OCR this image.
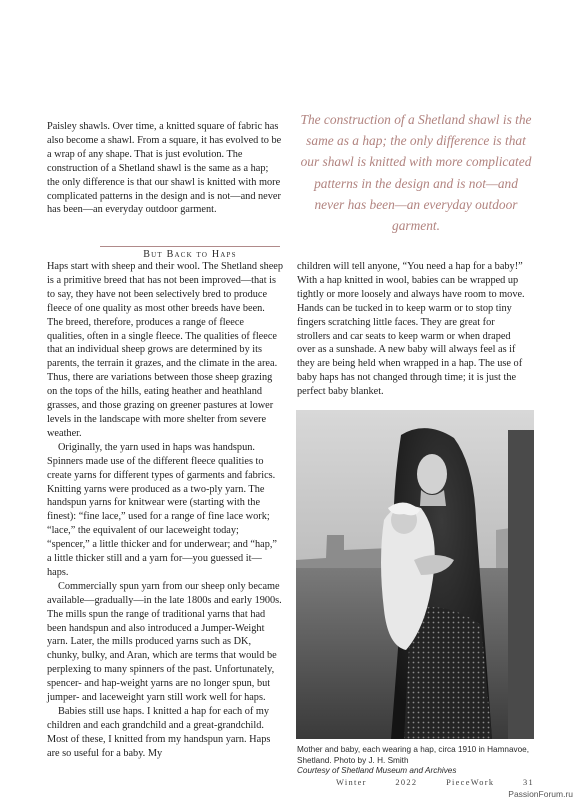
Paisley shawls. Over time, a knitted square of fabric has also become a shawl. From a square, it has evolved to be a wrap of any shape. That is just evolution. The construction of a Shetland shawl is the same as a hap; the only difference is that our shawl is knitted with more complicated patterns in the design and is not—and never has been—an everyday outdoor garment.

The construction of a Shetland shawl is the same as a hap; the only difference is that our shawl is knitted with more complicated patterns in the design and is not—and never has been—an everyday outdoor garment.
But Back to Haps

Haps start with sheep and their wool. The Shetland sheep is a primitive breed that has not been improved—that is to say, they have not been selectively bred to produce fleece of one quality as most other breeds have been. The breed, therefore, produces a range of fleece qualities, often in a single fleece. The qualities of fleece that an individual sheep grows are determined by its parents, the terrain it grazes, and the climate in the area. Thus, there are variations between those sheep grazing on the tops of the hills, eating heather and heathland grasses, and those grazing on greener pastures at lower levels in the landscape with more shelter from severe weather.

Originally, the yarn used in haps was handspun. Spinners made use of the different fleece qualities to create yarns for different types of garments and fabrics. Knitting yarns were produced as a two-ply yarn. The handspun yarns for knitwear were (starting with the finest): “fine lace,” used for a range of fine lace work; “lace,” the equivalent of our laceweight today; “spencer,” a little thicker and for underwear; and “hap,” a little thicker still and a yarn for—you guessed it—haps.

Commercially spun yarn from our sheep only became available—gradually—in the late 1800s and early 1900s. The mills spun the range of traditional yarns that had been handspun and also introduced a Jumper-Weight yarn. Later, the mills produced yarns such as DK, chunky, bulky, and Aran, which are terms that would be perplexing to many spinners of the past. Unfortunately, spencer- and hap-weight yarns are no longer spun, but jumper- and laceweight yarn still work well for haps.

Babies still use haps. I knitted a hap for each of my children and each grandchild and a great-grandchild. Most of these, I knitted from my handspun yarn. Haps are so useful for a baby. My

children will tell anyone, “You need a hap for a baby!” With a hap knitted in wool, babies can be wrapped up tightly or more loosely and always have room to move. Hands can be tucked in to keep warm or to stop tiny fingers scratching little faces. They are great for strollers and car seats to keep warm or when draped over as a sunshade. A new baby will always feel as if they are being held when wrapped in a hap. The use of baby haps has not changed through time; it is just the perfect baby blanket.

Mother and baby, each wearing a hap, circa 1910 in Hamnavoe, Shetland. Photo by J. H. Smith
Courtesy of Shetland Museum and Archives
Winter	2022	PieceWork	31
PassionForum.ru
